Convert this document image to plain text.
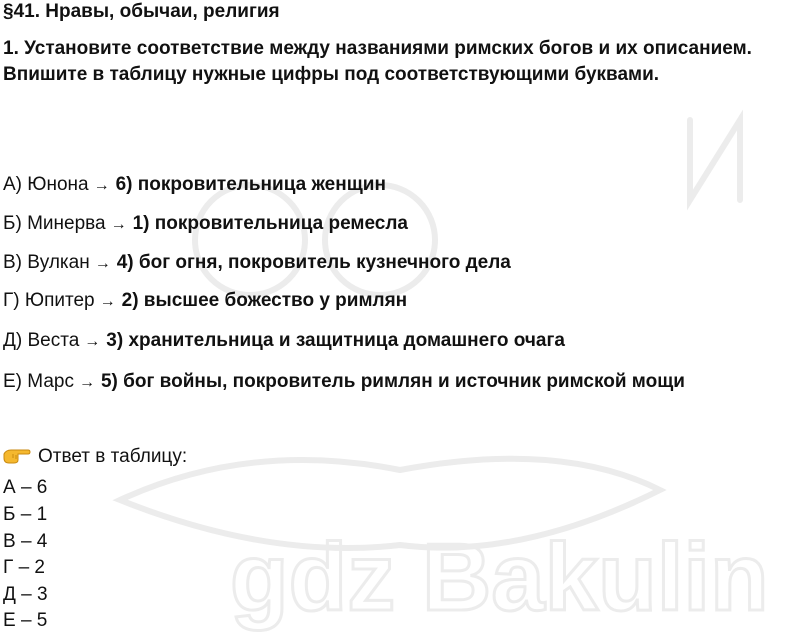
gdz Bakulin
§41. Нравы, обычаи, религия
1. Установите соответствие между названиями римских богов и их описанием. Впишите в таблицу нужные цифры под соответствующими буквами.
А) Юнона → 6) покровительница женщин
Б) Минерва → 1) покровительница ремесла
В) Вулкан → 4) бог огня, покровитель кузнечного дела
Г) Юпитер → 2) высшее божество у римлян
Д) Веста → 3) хранительница и защитница домашнего очага
Е) Марс → 5) бог войны, покровитель римлян и источник римской мощи
Ответ в таблицу:
А – 6
Б – 1
В – 4
Г – 2
Д – 3
Е – 5
